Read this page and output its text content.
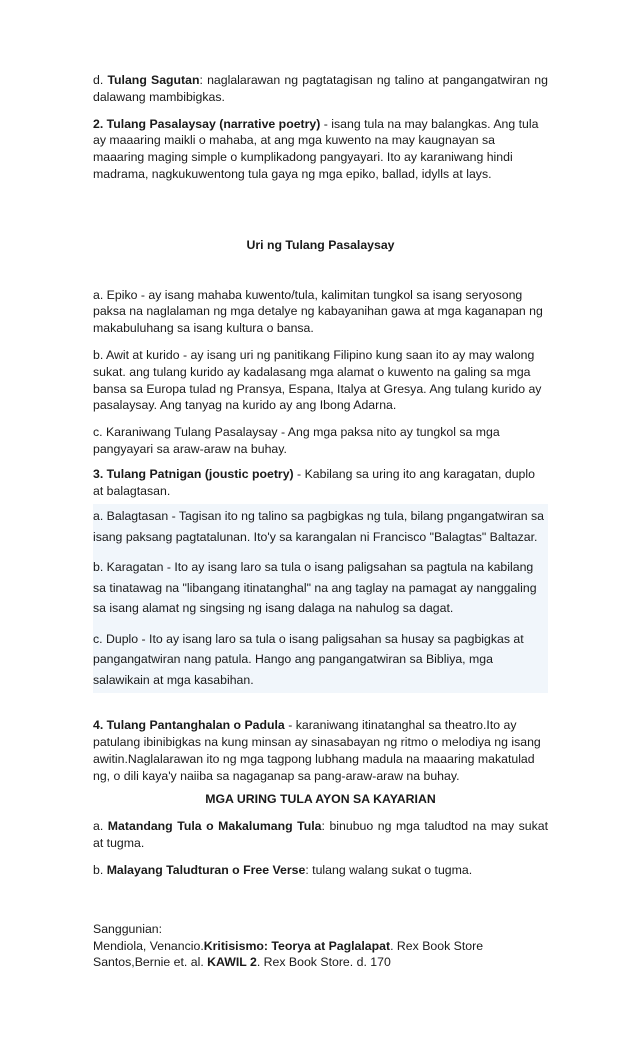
d. Tulang Sagutan: naglalarawan ng pagtatagisan ng talino at pangangatwiran ng dalawang mambibigkas.

2. Tulang Pasalaysay (narrative poetry) - isang tula na may balangkas. Ang tula ay maaaring maikli o mahaba, at ang mga kuwento na may kaugnayan sa maaaring maging simple o kumplikadong pangyayari. Ito ay karaniwang hindi madrama, nagkukuwentong tula gaya ng mga epiko, ballad, idylls at lays.

Uri ng Tulang Pasalaysay

a. Epiko - ay isang mahaba kuwento/tula, kalimitan tungkol sa isang seryosong paksa na naglalaman ng mga detalye ng kabayanihan gawa at mga kaganapan ng makabuluhang sa isang kultura o bansa.

b. Awit at kurido - ay isang uri ng panitikang Filipino kung saan ito ay may walong sukat. ang tulang kurido ay kadalasang mga alamat o kuwento na galing sa mga bansa sa Europa tulad ng Pransya, Espana, Italya at Gresya. Ang tulang kurido ay pasalaysay. Ang tanyag na kurido ay ang Ibong Adarna.

c. Karaniwang Tulang Pasalaysay - Ang mga paksa nito ay tungkol sa mga pangyayari sa araw-araw na buhay.

3. Tulang Patnigan (joustic poetry) - Kabilang sa uring ito ang karagatan, duplo at balagtasan.

a. Balagtasan - Tagisan ito ng talino sa pagbigkas ng tula, bilang pngangatwiran sa isang paksang pagtatalunan. Ito'y sa karangalan ni Francisco "Balagtas" Baltazar.

b. Karagatan - Ito ay isang laro sa tula o isang paligsahan sa pagtula na kabilang sa tinatawag na "libangang itinatanghal" na ang taglay na pamagat ay nanggaling sa isang alamat ng singsing ng isang dalaga na nahulog sa dagat.

c. Duplo - Ito ay isang laro sa tula o isang paligsahan sa husay sa pagbigkas at pangangatwiran nang patula. Hango ang pangangatwiran sa Bibliya, mga salawikain at mga kasabihan.

4. Tulang Pantanghalan o Padula - karaniwang itinatanghal sa theatro.Ito ay patulang ibinibigkas na kung minsan ay sinasabayan ng ritmo o melodiya ng isang awitin.Naglalarawan ito ng mga tagpong lubhang madula na maaaring makatulad ng, o dili kaya'y naiiba sa nagaganap sa pang-araw-araw na buhay.

MGA URING TULA AYON SA KAYARIAN

a. Matandang Tula o Makalumang Tula: binubuo ng mga taludtod na may sukat at tugma.

b. Malayang Taludturan o Free Verse: tulang walang sukat o tugma.

Sanggunian:

Mendiola, Venancio.Kritisismo: Teorya at Paglalapat. Rex Book Store

Santos,Bernie et. al. KAWIL 2. Rex Book Store. d. 170
